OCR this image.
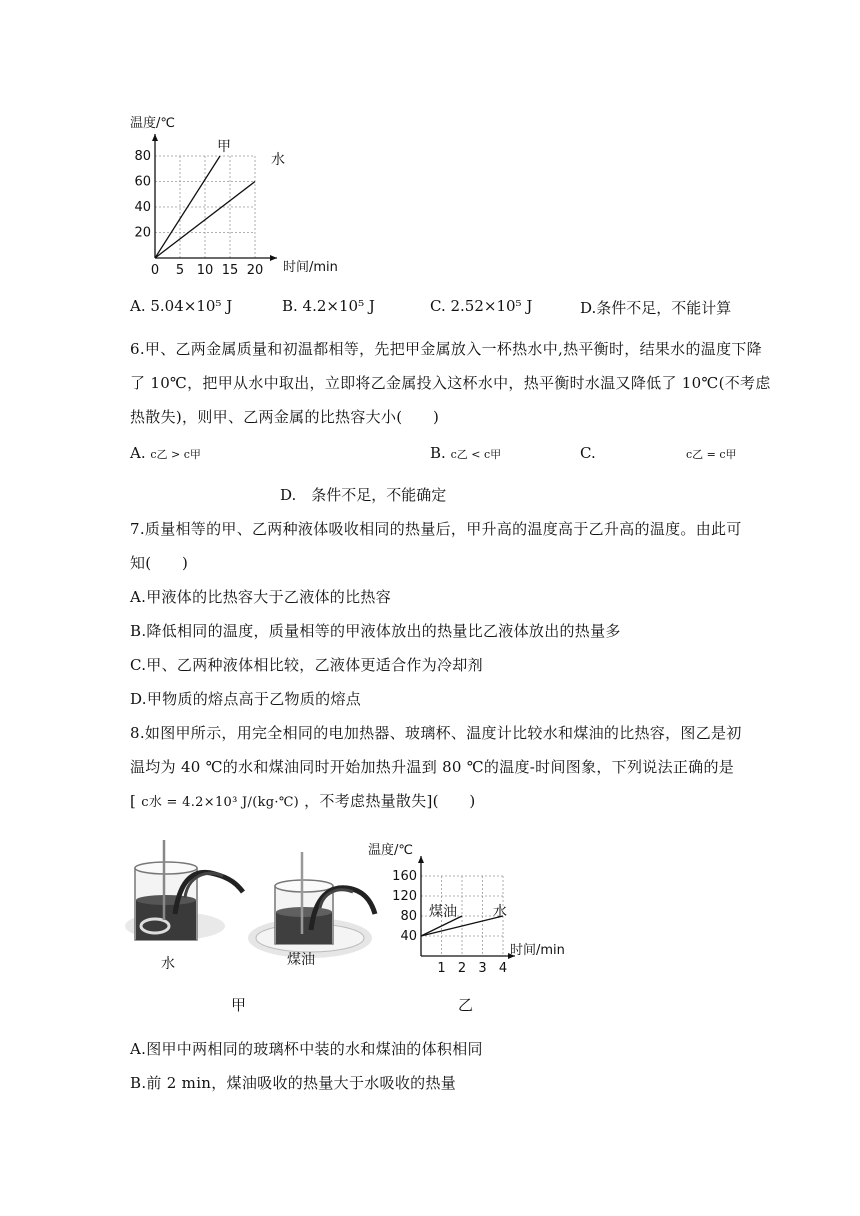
甲
水
0 5 10 15 20
20
40
60
80
温度/℃
时间/min
A. 5.04×10⁵ J	B. 4.2×10⁵ J	C. 2.52×10⁵ J	D.条件不足，不能计算
6.甲、乙两金属质量和初温都相等，先把甲金属放入一杯热水中,热平衡时，结果水的温度下降
了 10℃，把甲从水中取出，立即将乙金属投入这杯水中，热平衡时水温又降低了 10℃(不考虑
热散失)，则甲、乙两金属的比热容大小(　　)
A. c乙 > c甲	B. c乙 < c甲	C.	c乙 = c甲
D.　条件不足，不能确定
7.质量相等的甲、乙两种液体吸收相同的热量后，甲升高的温度高于乙升高的温度。由此可
知(　　)
A.甲液体的比热容大于乙液体的比热容
B.降低相同的温度，质量相等的甲液体放出的热量比乙液体放出的热量多
C.甲、乙两种液体相比较，乙液体更适合作为冷却剂
D.甲物质的熔点高于乙物质的熔点
8.如图甲所示，用完全相同的电加热器、玻璃杯、温度计比较水和煤油的比热容，图乙是初
温均为 40 ℃的水和煤油同时开始加热升温到 80 ℃的温度-时间图象，下列说法正确的是
[ c水 = 4.2×10³ J/(kg·℃) ，不考虑热量散失](　　)
水	煤油
甲	乙
煤油	水
1 2 3 4
40
80
120
160
温度/℃
时间/min
A.图甲中两相同的玻璃杯中装的水和煤油的体积相同
B.前 2 min，煤油吸收的热量大于水吸收的热量
